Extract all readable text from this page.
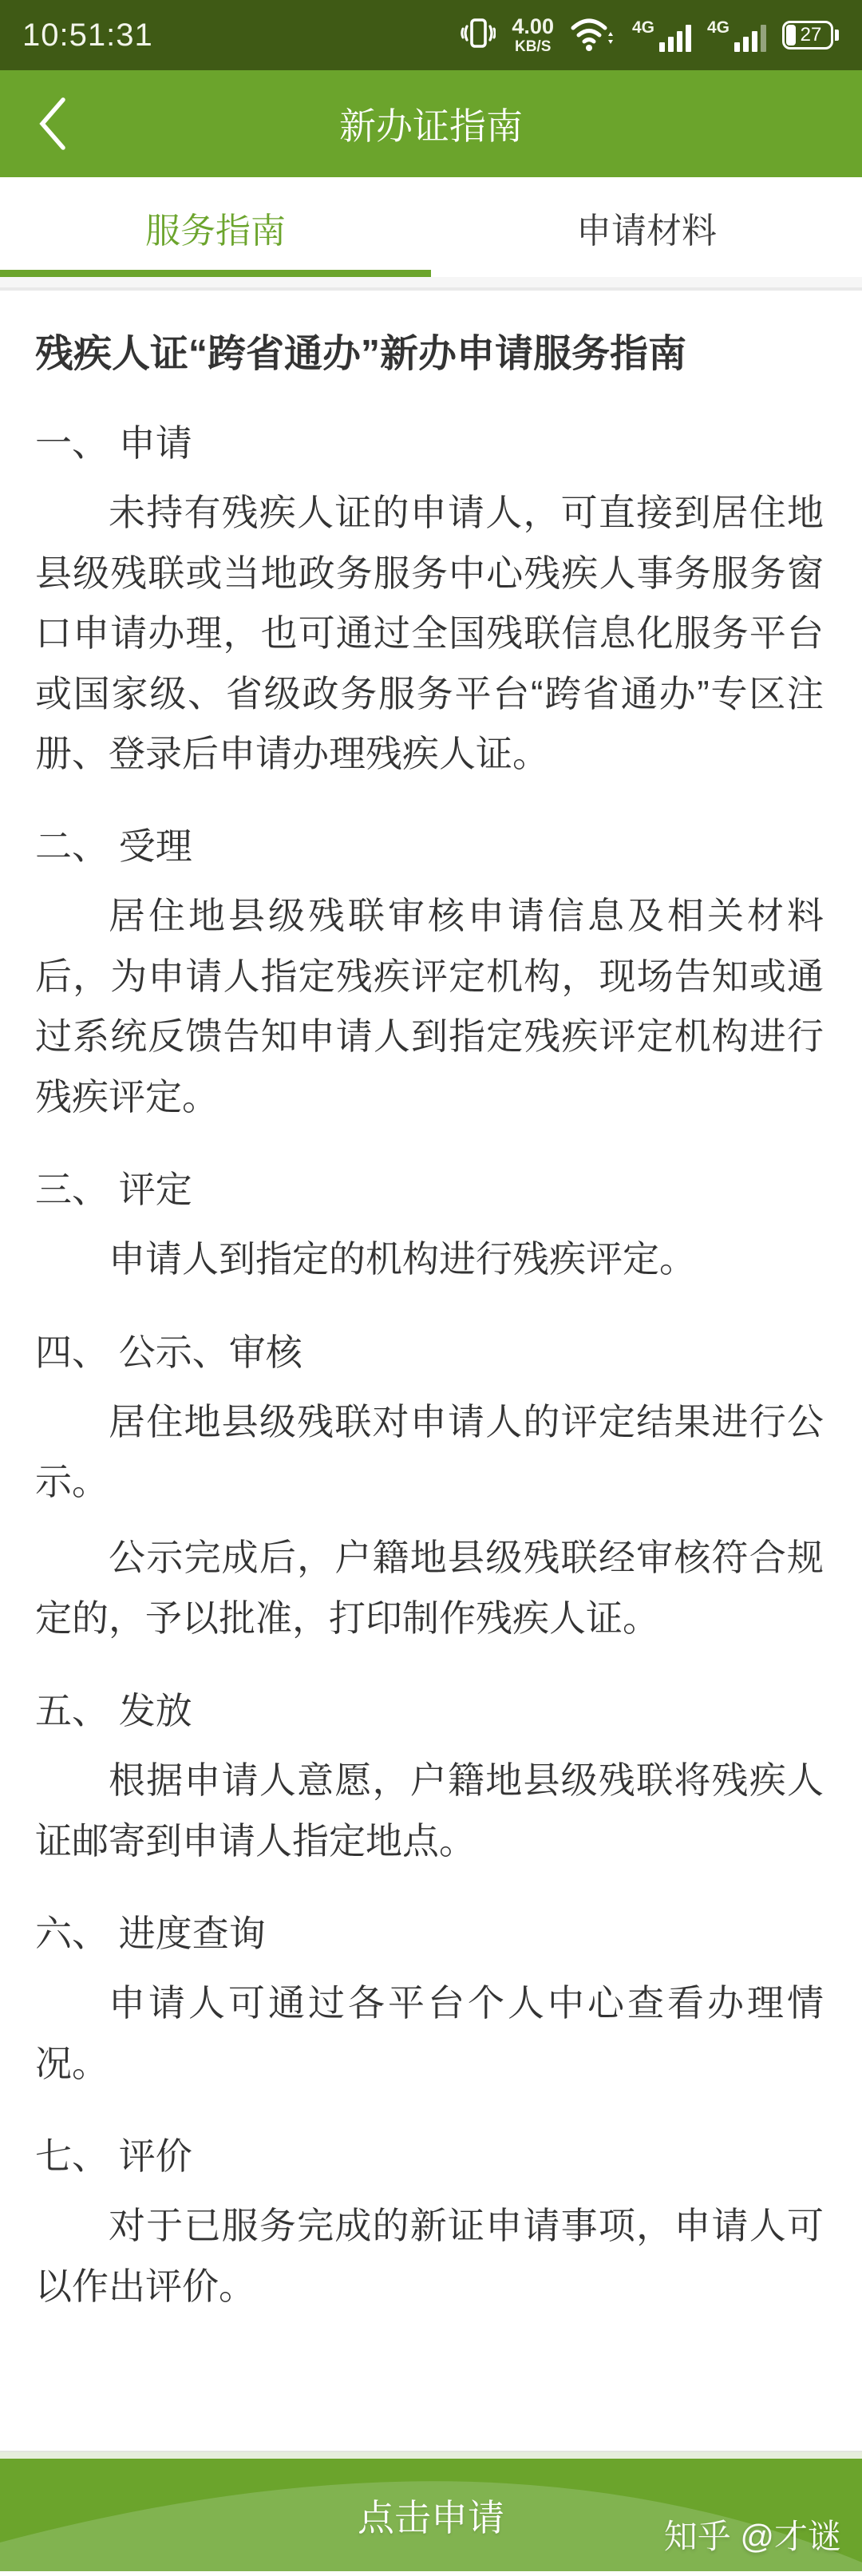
10:51:31	4.00
KB/S
4G	4G	27
新办证指南
服务指南	申请材料
残疾人证“跨省通办”新办申请服务指南
一、 申请

未持有残疾人证的申请人，可直接到居住地县级残联或当地政务服务中心残疾人事务服务窗口申请办理，也可通过全国残联信息化服务平台或国家级、省级政务服务平台“跨省通办”专区注册、登录后申请办理残疾人证。

二、 受理

居住地县级残联审核申请信息及相关材料后，为申请人指定残疾评定机构，现场告知或通过系统反馈告知申请人到指定残疾评定机构进行残疾评定。

三、 评定

申请人到指定的机构进行残疾评定。

四、 公示、审核

居住地县级残联对申请人的评定结果进行公示。

公示完成后，户籍地县级残联经审核符合规定的，予以批准，打印制作残疾人证。

五、 发放

根据申请人意愿，户籍地县级残联将残疾人证邮寄到申请人指定地点。

六、 进度查询

申请人可通过各平台个人中心查看办理情况。

七、 评价

对于已服务完成的新证申请事项，申请人可以作出评价。

点击申请	知乎 @才谜
